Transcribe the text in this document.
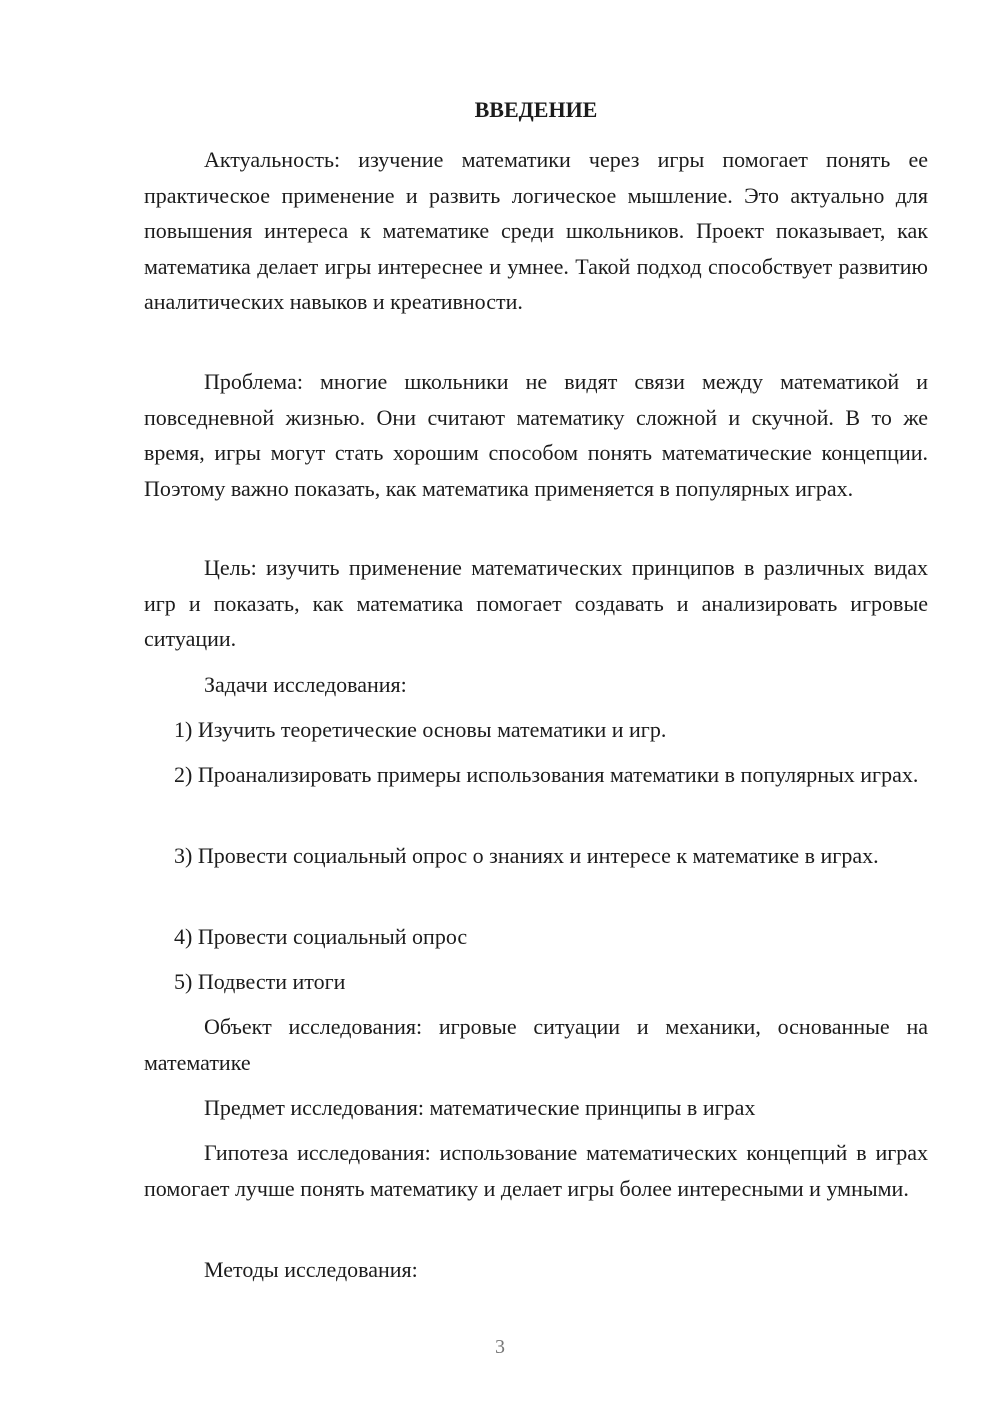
ВВЕДЕНИЕ

Актуальность: изучение математики через игры помогает понять ее практическое применение и развить логическое мышление. Это актуально для повышения интереса к математике среди школьников. Проект показывает, как математика делает игры интереснее и умнее. Такой подход способствует развитию аналитических навыков и креативности.

Проблема: многие школьники не видят связи между математикой и повседневной жизнью. Они считают математику сложной и скучной. В то же время, игры могут стать хорошим способом понять математические концепции. Поэтому важно показать, как математика применяется в популярных играх.

Цель: изучить применение математических принципов в различных видах игр и показать, как математика помогает создавать и анализировать игровые ситуации.

Задачи исследования:

1) Изучить теоретические основы математики и игр.

2) Проанализировать примеры использования математики в популярных играх.

3) Провести социальный опрос о знаниях и интересе к математике в играх.

4) Провести социальный опрос

5) Подвести итоги

Объект исследования: игровые ситуации и механики, основанные на математике

Предмет исследования: математические принципы в играх

Гипотеза исследования: использование математических концепций в играх помогает лучше понять математику и делает игры более интересными и умными.

Методы исследования:

3
